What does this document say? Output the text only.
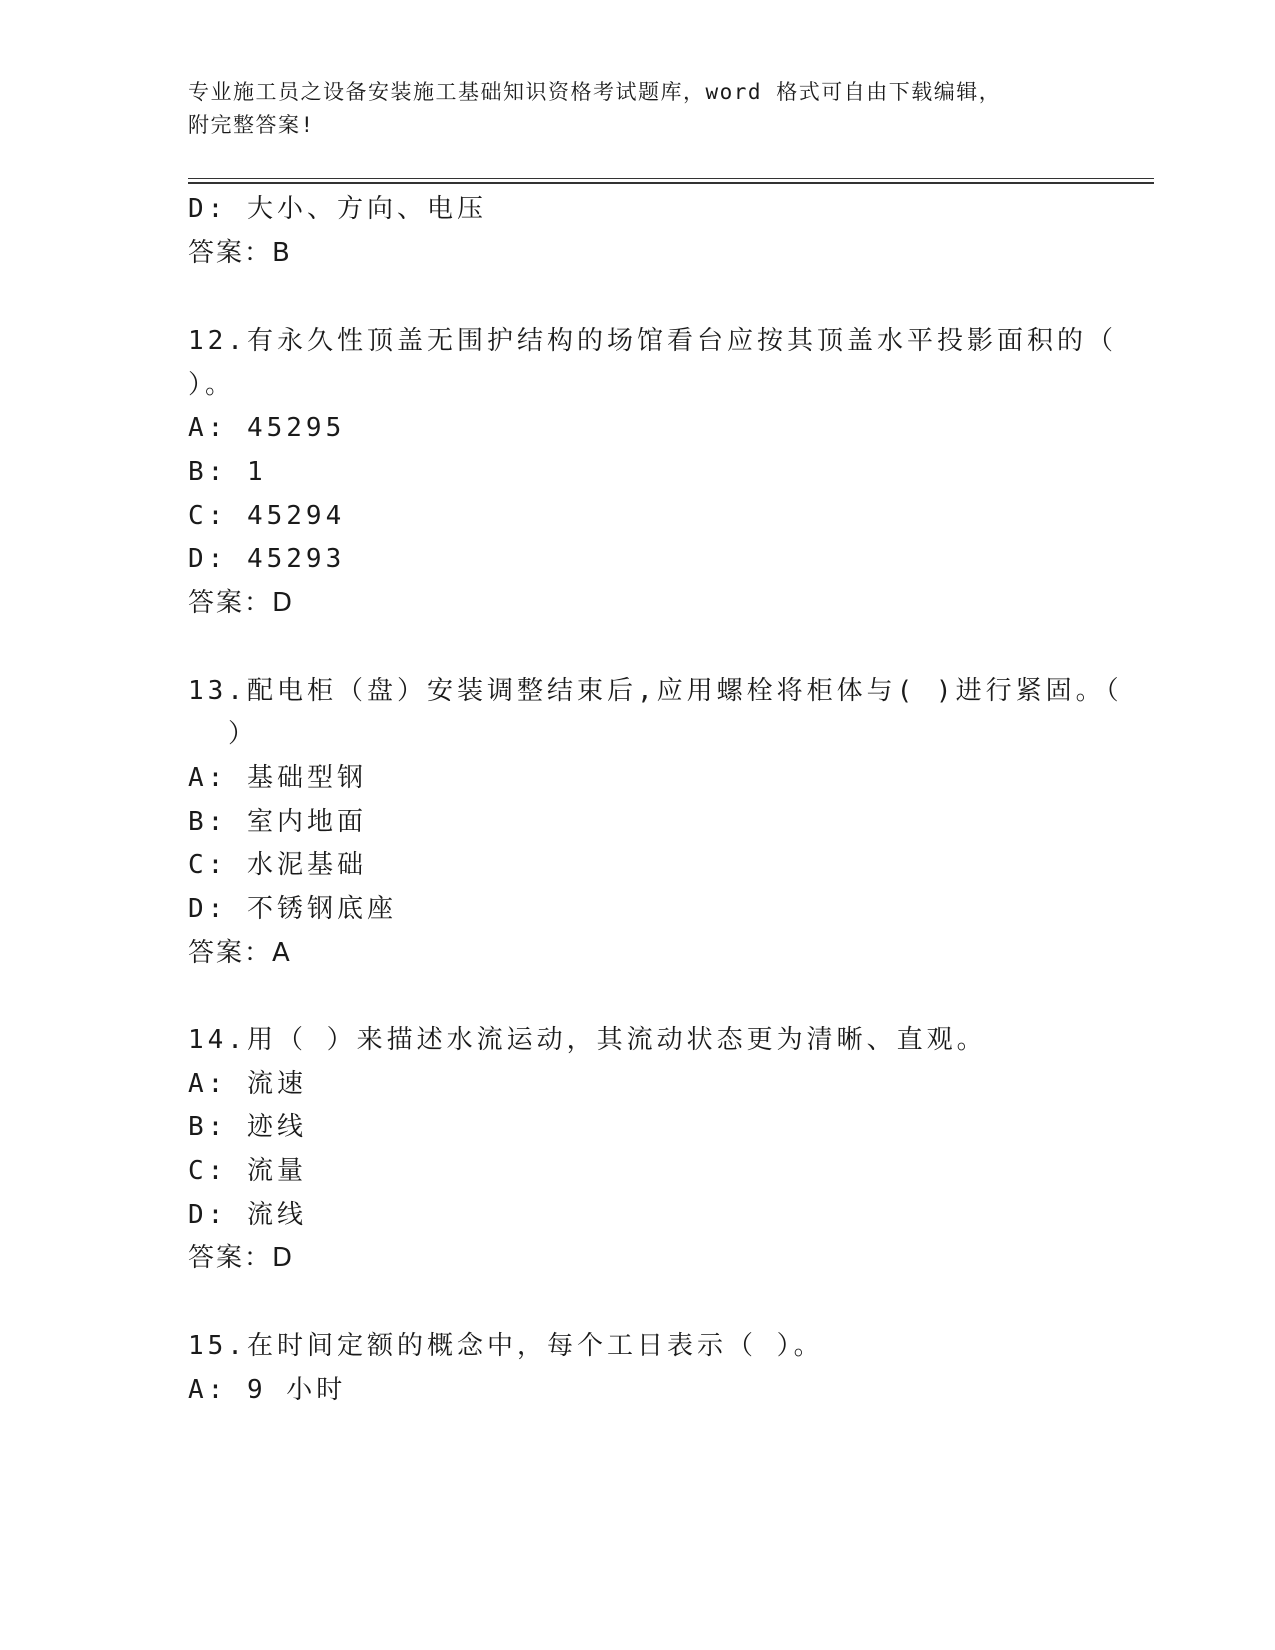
专业施工员之设备安装施工基础知识资格考试题库，word 格式可自由下载编辑，
附完整答案!
D: 大小、方向、电压
答案：B
12.有永久性顶盖无围护结构的场馆看台应按其顶盖水平投影面积的（
）。
A: 45295
B: 1
C: 45294
D: 45293
答案：D
13.配电柜（盘）安装调整结束后,应用螺栓将柜体与( )进行紧固。（
）
A: 基础型钢
B: 室内地面
C: 水泥基础
D: 不锈钢底座
答案：A
14.用（ ）来描述水流运动，其流动状态更为清晰、直观。
A: 流速
B: 迹线
C: 流量
D: 流线
答案：D
15.在时间定额的概念中，每个工日表示（ ）。
A: 9 小时
